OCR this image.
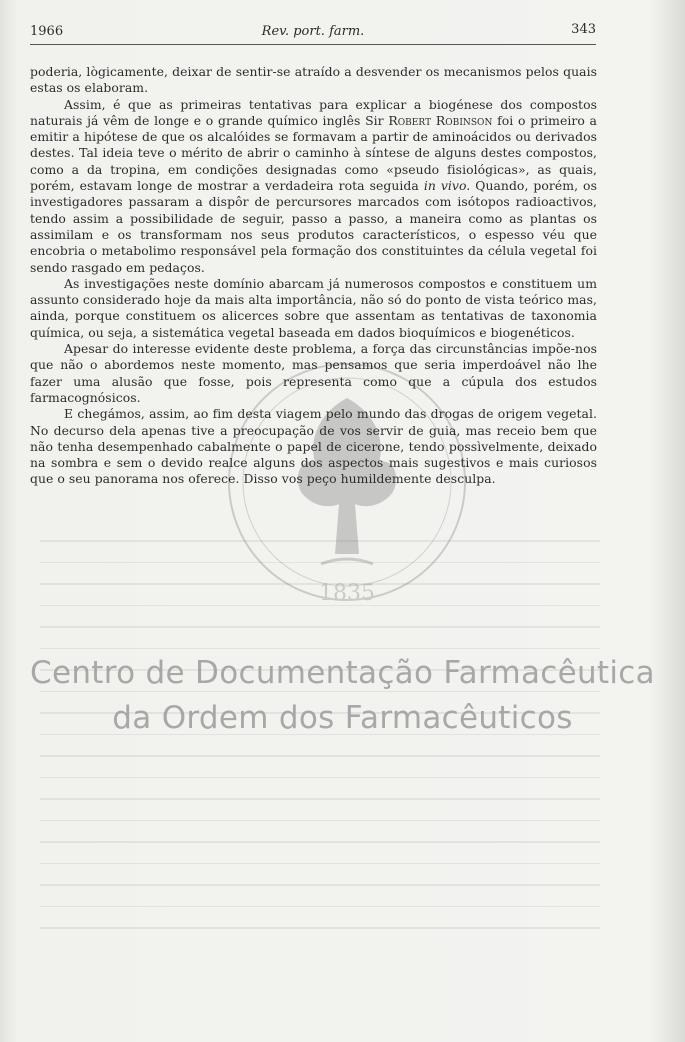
1966	Rev. port. farm.	343
1835

poderia, lògicamente, deixar de sentir-se atraído a desvender os mecanismos pelos quais estas os elaboram.

Assim, é que as primeiras tentativas para explicar a biogénese dos compostos naturais já vêm de longe e o grande químico inglês Sir Robert Robinson foi o primeiro a emitir a hipótese de que os alcalóides se formavam a partir de aminoácidos ou derivados destes. Tal ideia teve o mérito de abrir o caminho à síntese de alguns destes compostos, como a da tropina, em condições designadas como «pseudo fisiológicas», as quais, porém, estavam longe de mostrar a verdadeira rota seguida in vivo. Quando, porém, os investigadores passaram a dispôr de percursores marcados com isótopos radioactivos, tendo assim a possibilidade de seguir, passo a passo, a maneira como as plantas os assimilam e os transformam nos seus produtos característicos, o espesso véu que encobria o metabolimo responsável pela formação dos constituintes da célula vegetal foi sendo rasgado em pedaços.

As investigações neste domínio abarcam já numerosos compostos e constituem um assunto considerado hoje da mais alta importância, não só do ponto de vista teórico mas, ainda, porque constituem os alicerces sobre que assentam as tentativas de taxonomia química, ou seja, a sistemática vegetal baseada em dados bioquímicos e biogenéticos.

Apesar do interesse evidente deste problema, a força das circunstâncias impõe-nos que não o abordemos neste momento, mas pensamos que seria imperdoável não lhe fazer uma alusão que fosse, pois representa como que a cúpula dos estudos farmacognósicos.

E chegámos, assim, ao fim desta viagem pelo mundo das drogas de origem vegetal. No decurso dela apenas tive a preocupação de vos servir de guia, mas receio bem que não tenha desempenhado cabalmente o papel de cicerone, tendo possìvelmente, deixado na sombra e sem o devido realce alguns dos aspectos mais sugestivos e mais curiosos que o seu panorama nos oferece. Disso vos peço humildemente desculpa.

Centro de Documentação Farmacêutica
da Ordem dos Farmacêuticos
